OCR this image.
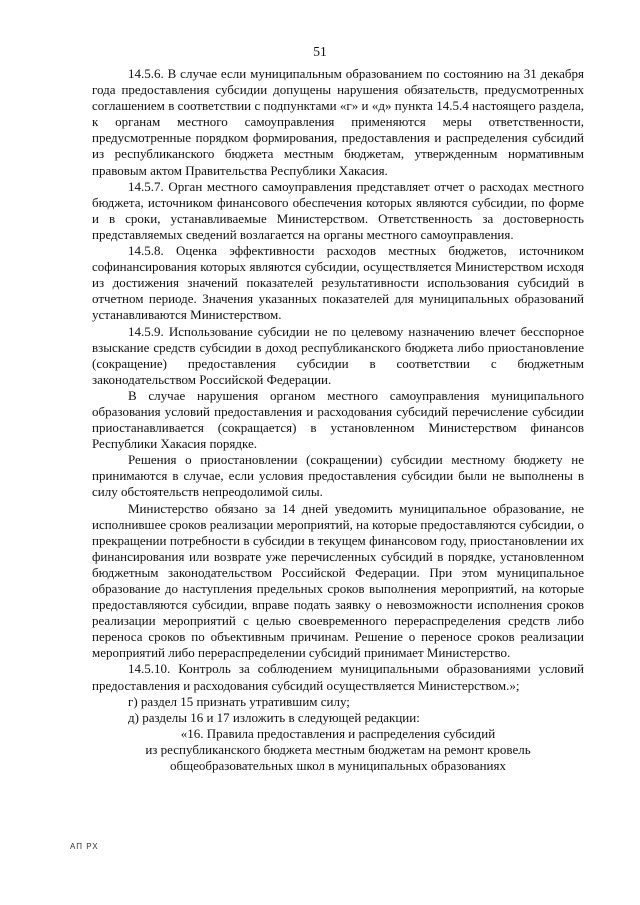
51

14.5.6. В случае если муниципальным образованием по состоянию на 31 декабря года предоставления субсидии допущены нарушения обязательств, предусмотренных соглашением в соответствии с подпунктами «г» и «д» пункта 14.5.4 настоящего раздела, к органам местного самоуправления применяются меры ответственности, предусмотренные порядком формирования, предоставления и распределения субсидий из республиканского бюджета местным бюджетам, утвержденным нормативным правовым актом Правительства Республики Хакасия.

14.5.7. Орган местного самоуправления представляет отчет о расходах местного бюджета, источником финансового обеспечения которых являются субсидии, по форме и в сроки, устанавливаемые Министерством. Ответственность за достоверность представляемых сведений возлагается на органы местного самоуправления.

14.5.8. Оценка эффективности расходов местных бюджетов, источником софинансирования которых являются субсидии, осуществляется Министерством исходя из достижения значений показателей результативности использования субсидий в отчетном периоде. Значения указанных показателей для муниципальных образований устанавливаются Министерством.

14.5.9. Использование субсидии не по целевому назначению влечет бесспорное взыскание средств субсидии в доход республиканского бюджета либо приостановление (сокращение) предоставления субсидии в соответствии с бюджетным законодательством Российской Федерации.

В случае нарушения органом местного самоуправления муниципального образования условий предоставления и расходования субсидий перечисление субсидии приостанавливается (сокращается) в установленном Министерством финансов Республики Хакасия порядке.

Решения о приостановлении (сокращении) субсидии местному бюджету не принимаются в случае, если условия предоставления субсидии были не выполнены в силу обстоятельств непреодолимой силы.

Министерство обязано за 14 дней уведомить муниципальное образование, не исполнившее сроков реализации мероприятий, на которые предоставляются субсидии, о прекращении потребности в субсидии в текущем финансовом году, приостановлении их финансирования или возврате уже перечисленных субсидий в порядке, установленном бюджетным законодательством Российской Федерации. При этом муниципальное образование до наступления предельных сроков выполнения мероприятий, на которые предоставляются субсидии, вправе подать заявку о невозможности исполнения сроков реализации мероприятий с целью своевременного перераспределения средств либо переноса сроков по объективным причинам. Решение о переносе сроков реализации мероприятий либо перераспределении субсидий принимает Министерство.

14.5.10. Контроль за соблюдением муниципальными образованиями условий предоставления и расходования субсидий осуществляется Министерством.»;

г) раздел 15 признать утратившим силу;

д) разделы 16 и 17 изложить в следующей редакции:

«16. Правила предоставления и распределения субсидий

из республиканского бюджета местным бюджетам на ремонт кровель

общеобразовательных школ в муниципальных образованиях

АП РХ
